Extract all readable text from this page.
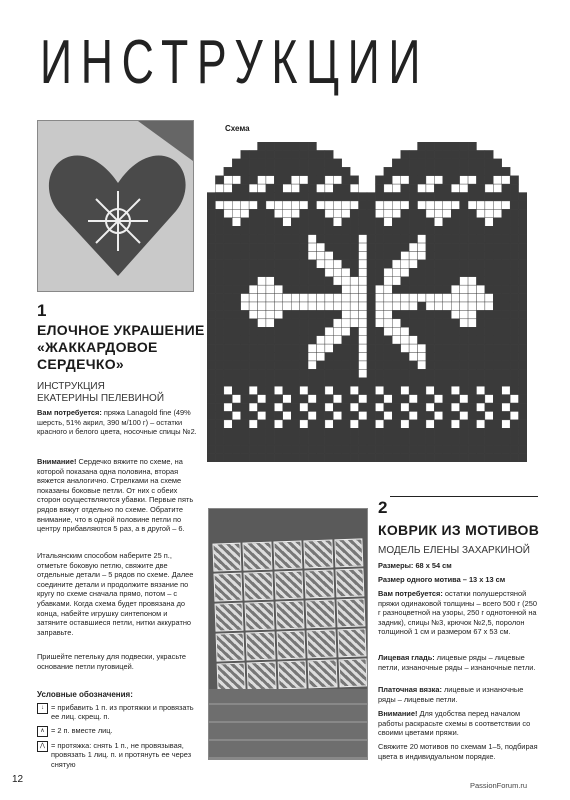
ИНСТРУКЦИИ
1
ЕЛОЧНОЕ УКРАШЕНИЕ
«ЖАККАРДОВОЕ
СЕРДЕЧКО»
ИНСТРУКЦИЯ
ЕКАТЕРИНЫ ПЕЛЕВИНОЙ
Вам потребуется: пряжа Lanagold fine (49% шерсть, 51% акрил, 390 м/100 г) – остатки красного и белого цвета, носочные спицы №2.
Внимание! Сердечко вяжите по схеме, на которой показана одна половина, вторая вяжется аналогично. Стрелками на схеме показаны боковые петли. От них с обеих сторон осуществляются убавки. Первые пять рядов вяжут отдельно по схеме. Обратите внимание, что в одной половине петли по центру прибавляются 5 раз, а в другой – 6.
Итальянским способом наберите 25 п., отметьте боковую петлю, свяжите две отдельные детали – 5 рядов по схеме. Далее соедините детали и продолжите вязание по кругу по схеме сначала прямо, потом – с убавками. Когда схема будет провязана до конца, набейте игрушку синтепоном и затяните оставшиеся петли, нитки аккуратно заправьте.
Пришейте петельку для подвески, украсьте основание петли пуговицей.
Условные обозначения:
↓ = прибавить 1 п. из протяжки и провязать ее лиц. скрещ. п.
∧ = 2 п. вместе лиц.
⋀ = протяжка: снять 1 п., не провязывая, провязать 1 лиц. п. и протянуть ее через снятую
Схема
2
КОВРИК ИЗ МОТИВОВ
МОДЕЛЬ ЕЛЕНЫ ЗАХАРКИНОЙ
Размеры: 68 х 54 см
Размер одного мотива – 13 х 13 см
Вам потребуется: остатки полушерстяной пряжи одинаковой толщины – всего 500 г (250 г разноцветной на узоры, 250 г однотонной на задник), спицы №3, крючок №2,5, поролон толщиной 1 см и размером 67 х 53 см.
Лицевая гладь: лицевые ряды – лицевые петли, изнаночные ряды – изнаночные петли.
Платочная вязка: лицевые и изнаночные ряды – лицевые петли.
Внимание! Для удобства перед началом работы раскрасьте схемы в соответствии со своими цветами пряжи.
Свяжите 20 мотивов по схемам 1–5, подбирая цвета в индивидуальном порядке.
12
PassionForum.ru
